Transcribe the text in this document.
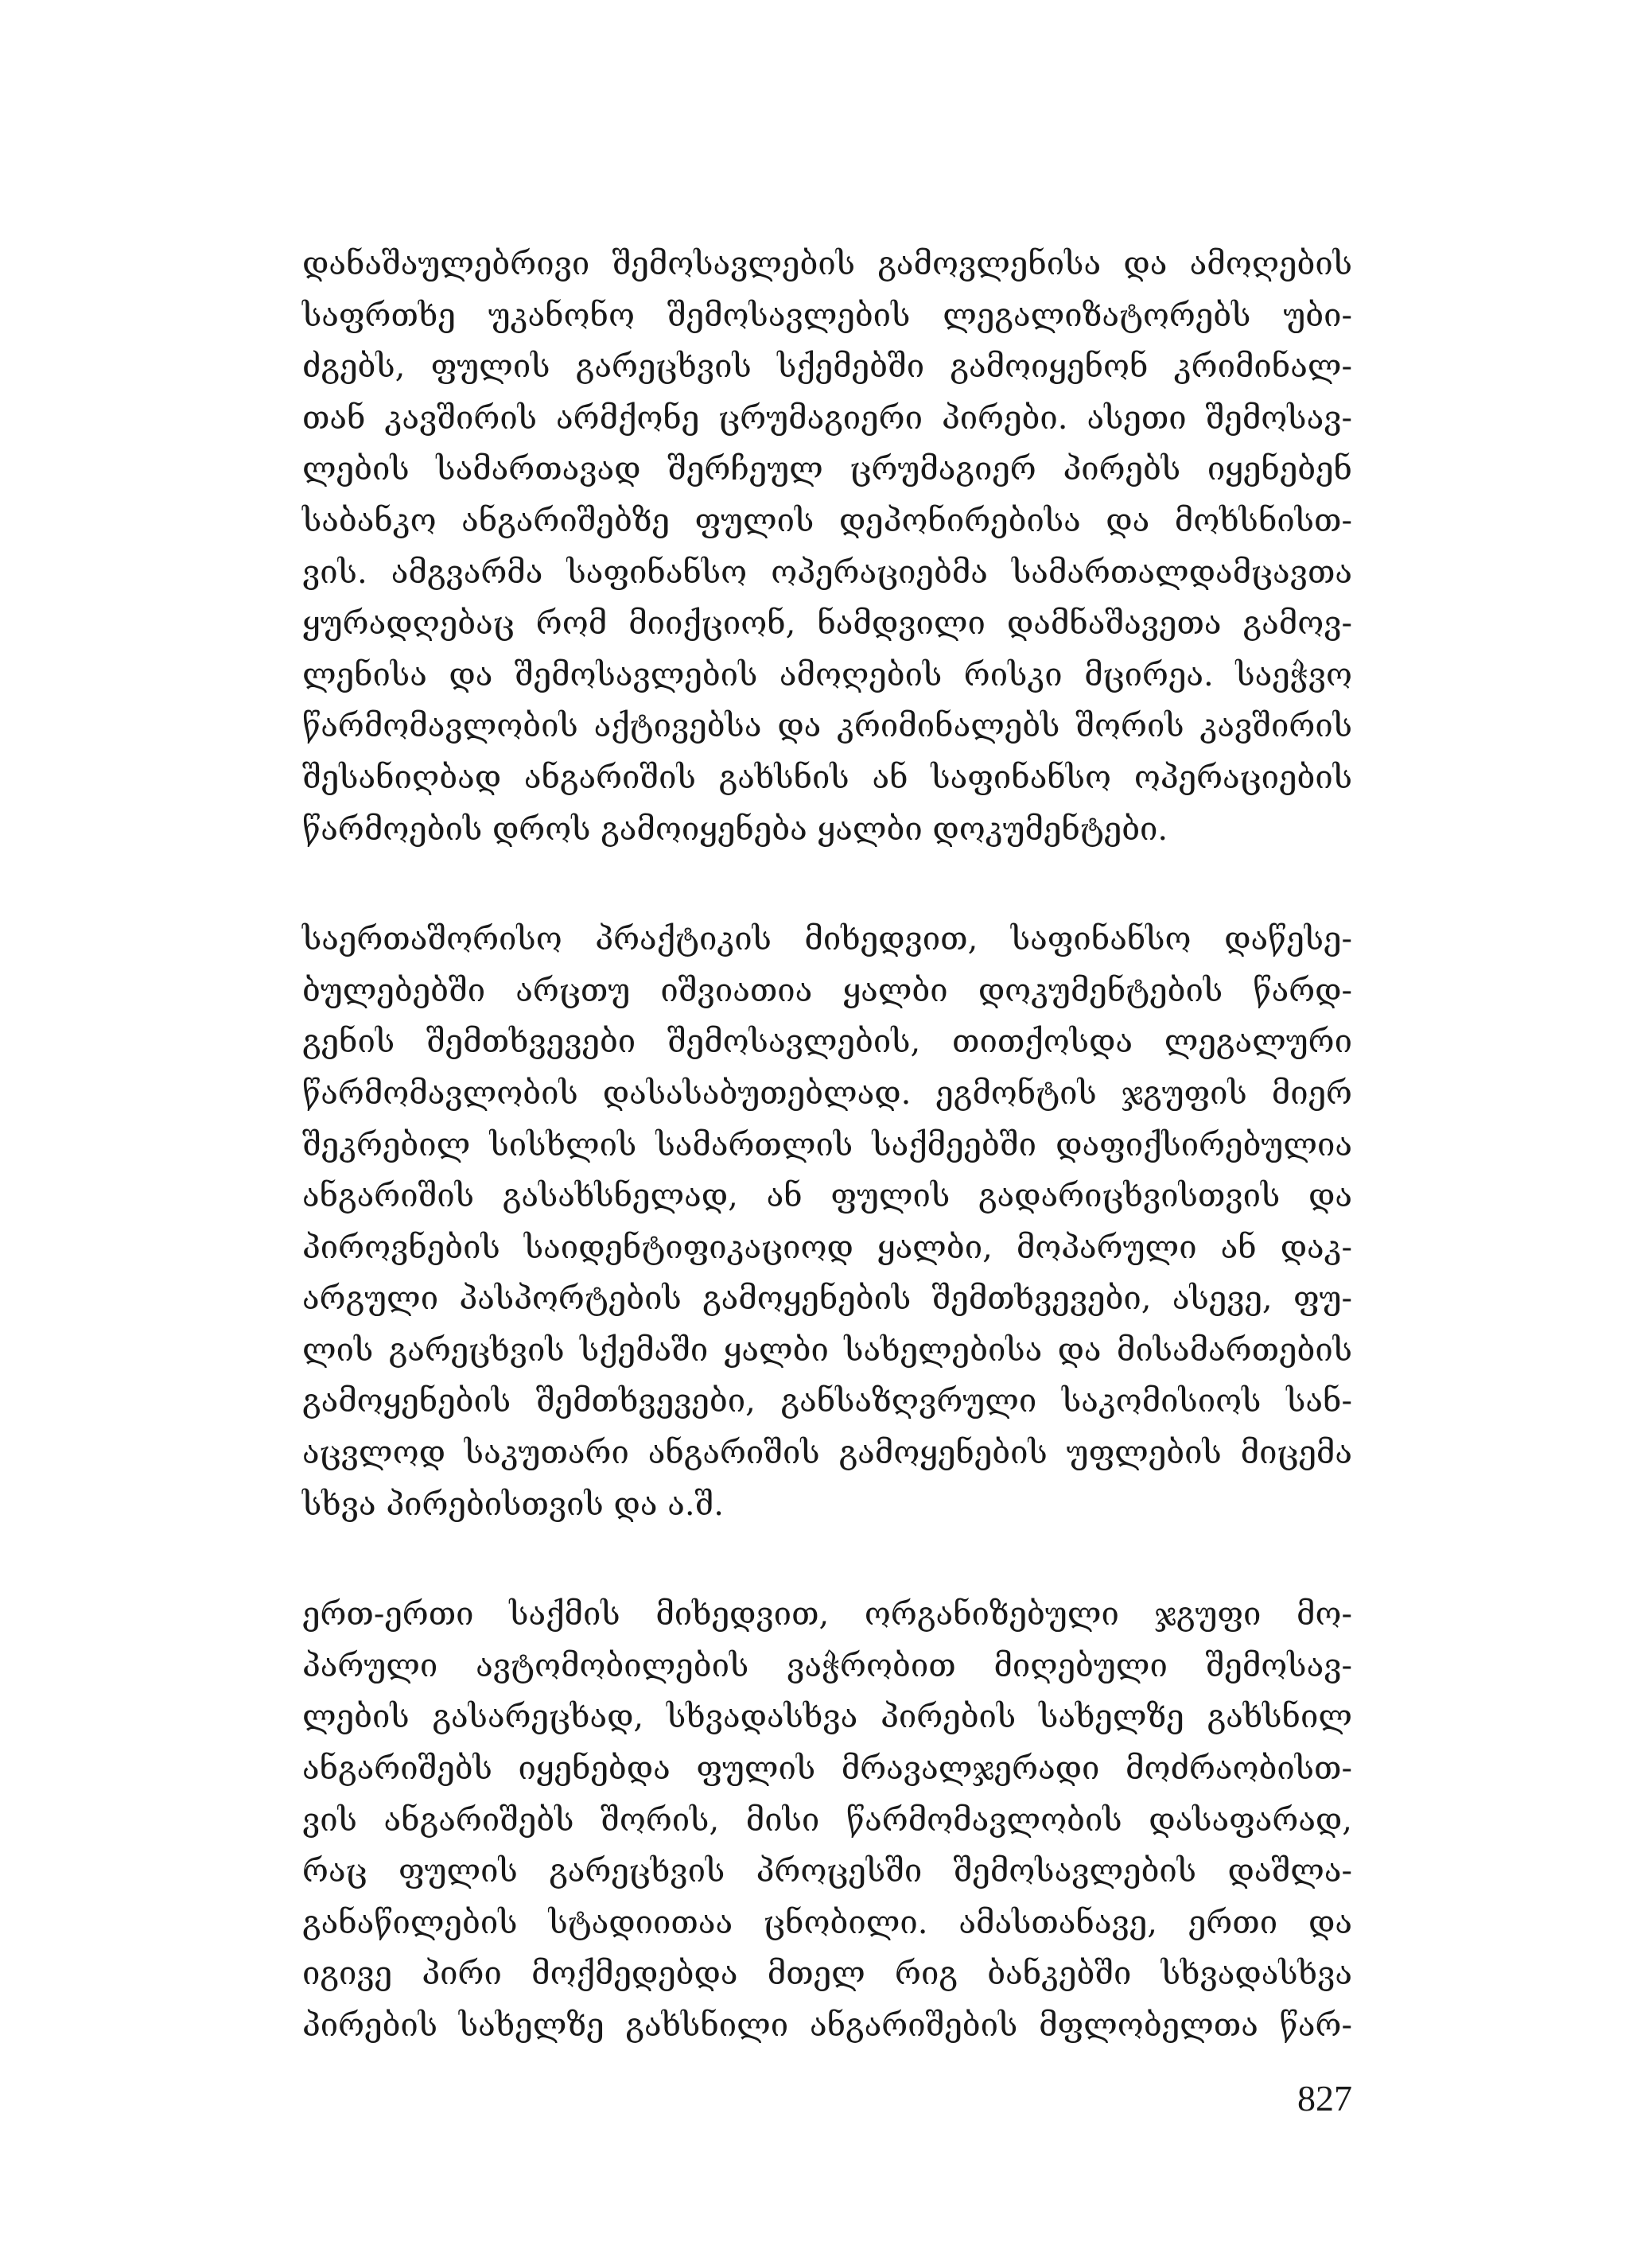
დანაშაულებრივი შემოსავლების გამოვლენისა და ამოღების
საფრთხე უკანონო შემოსავლების ლეგალიზატორებს უბი-
ძგებს, ფულის გარეცხვის სქემებში გამოიყენონ კრიმინალ-
თან კავშირის არმქონე ცრუმაგიერი პირები. ასეთი შემოსავ-
ლების სამართავად შერჩეულ ცრუმაგიერ პირებს იყენებენ
საბანკო ანგარიშებზე ფულის დეპონირებისა და მოხსნისთ-
ვის. ამგვარმა საფინანსო ოპერაციებმა სამართალდამცავთა
ყურადღებაც რომ მიიქციონ, ნამდვილი დამნაშავეთა გამოვ-
ლენისა და შემოსავლების ამოღების რისკი მცირეა. საეჭვო
წარმომავლობის აქტივებსა და კრიმინალებს შორის კავშირის
შესანიღბად ანგარიშის გახსნის ან საფინანსო ოპერაციების
წარმოების დროს გამოიყენება ყალბი დოკუმენტები.
საერთაშორისო პრაქტიკის მიხედვით, საფინანსო დაწესე-
ბულებებში არცთუ იშვიათია ყალბი დოკუმენტების წარდ-
გენის შემთხვევები შემოსავლების, თითქოსდა ლეგალური
წარმომავლობის დასასაბუთებლად. ეგმონტის ჯგუფის მიერ
შეკრებილ სისხლის სამართლის საქმეებში დაფიქსირებულია
ანგარიშის გასახსნელად, ან ფულის გადარიცხვისთვის და
პიროვნების საიდენტიფიკაციოდ ყალბი, მოპარული ან დაკ-
არგული პასპორტების გამოყენების შემთხვევები, ასევე, ფუ-
ლის გარეცხვის სქემაში ყალბი სახელებისა და მისამართების
გამოყენების შემთხვევები, განსაზღვრული საკომისიოს სან-
აცვლოდ საკუთარი ანგარიშის გამოყენების უფლების მიცემა
სხვა პირებისთვის და ა.შ.
ერთ-ერთი საქმის მიხედვით, ორგანიზებული ჯგუფი მო-
პარული ავტომობილების ვაჭრობით მიღებული შემოსავ-
ლების გასარეცხად, სხვადასხვა პირების სახელზე გახსნილ
ანგარიშებს იყენებდა ფულის მრავალჯერადი მოძრაობისთ-
ვის ანგარიშებს შორის, მისი წარმომავლობის დასაფარად,
რაც ფულის გარეცხვის პროცესში შემოსავლების დაშლა-
განაწილების სტადიითაა ცნობილი. ამასთანავე, ერთი და
იგივე პირი მოქმედებდა მთელ რიგ ბანკებში სხვადასხვა
პირების სახელზე გახსნილი ანგარიშების მფლობელთა წარ-
827
